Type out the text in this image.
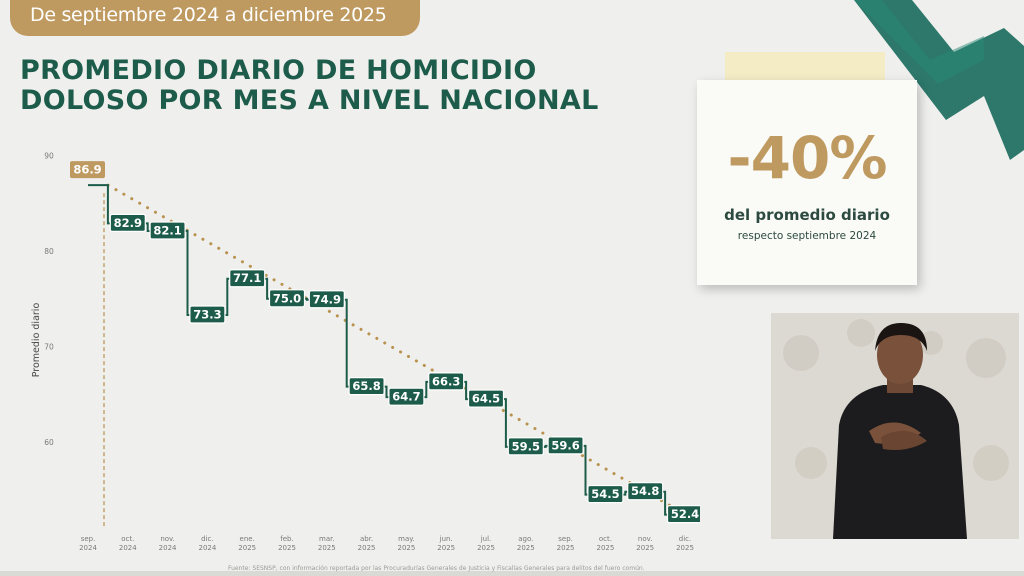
De septiembre 2024 a diciembre 2025
PROMEDIO DIARIO DE HOMICIDIO
DOLOSO POR MES A NIVEL NACIONAL
Promedio diario
60
70
80
90
86.9
82.9
82.1
73.3
77.1
75.0 74.9
65.8
64.7
66.3
64.5
59.5 59.6
54.5 54.8
52.4
sep.
2024
oct.
2024
nov.
2024
dic.
2024
ene.
2025
feb.
2025
mar.
2025
abr.
2025
may.
2025
jun.
2025
jul.
2025
ago.
2025
sep.
2025
oct.
2025
nov.
2025
dic.
2025
-40%
del promedio diario
respecto septiembre 2024
Fuente: SESNSP, con información reportada por las Procuradurías Generales de Justicia y Fiscalías Generales para delitos del fuero común.
